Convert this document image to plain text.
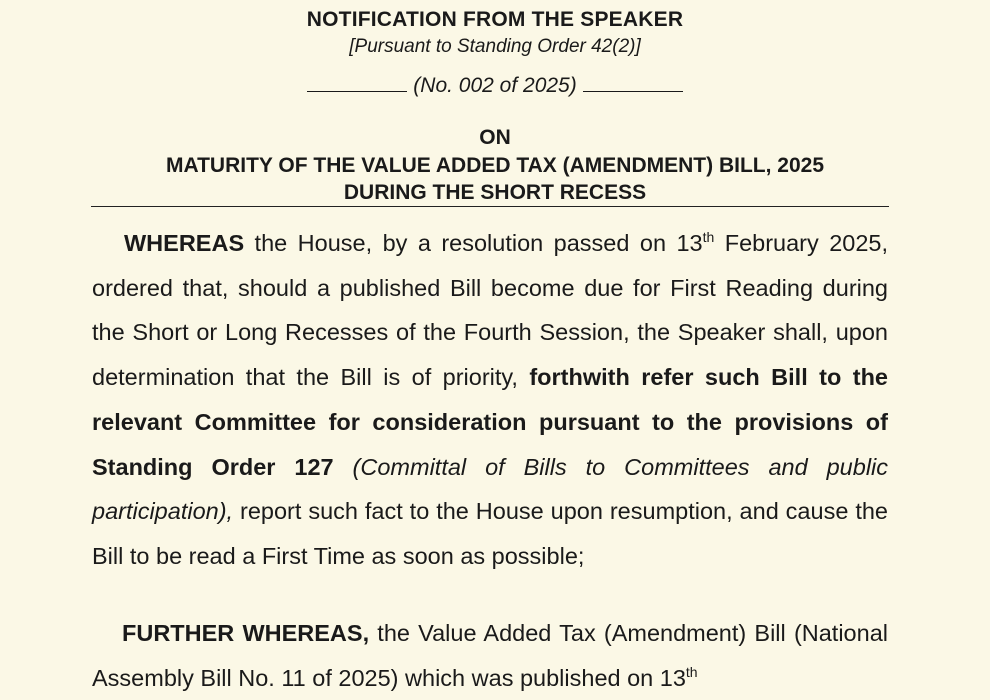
NOTIFICATION FROM THE SPEAKER
[Pursuant to Standing Order 42(2)]
(No. 002 of 2025)
ON
MATURITY OF THE VALUE ADDED TAX (AMENDMENT) BILL, 2025
DURING THE SHORT RECESS
WHEREAS the House, by a resolution passed on 13th February 2025, ordered that, should a published Bill become due for First Reading during the Short or Long Recesses of the Fourth Session, the Speaker shall, upon determination that the Bill is of priority, forthwith refer such Bill to the relevant Committee for consideration pursuant to the provisions of Standing Order 127 (Committal of Bills to Committees and public participation), report such fact to the House upon resumption, and cause the Bill to be read a First Time as soon as possible;
FURTHER WHEREAS, the Value Added Tax (Amendment) Bill (National Assembly Bill No. 11 of 2025) which was published on 13th
